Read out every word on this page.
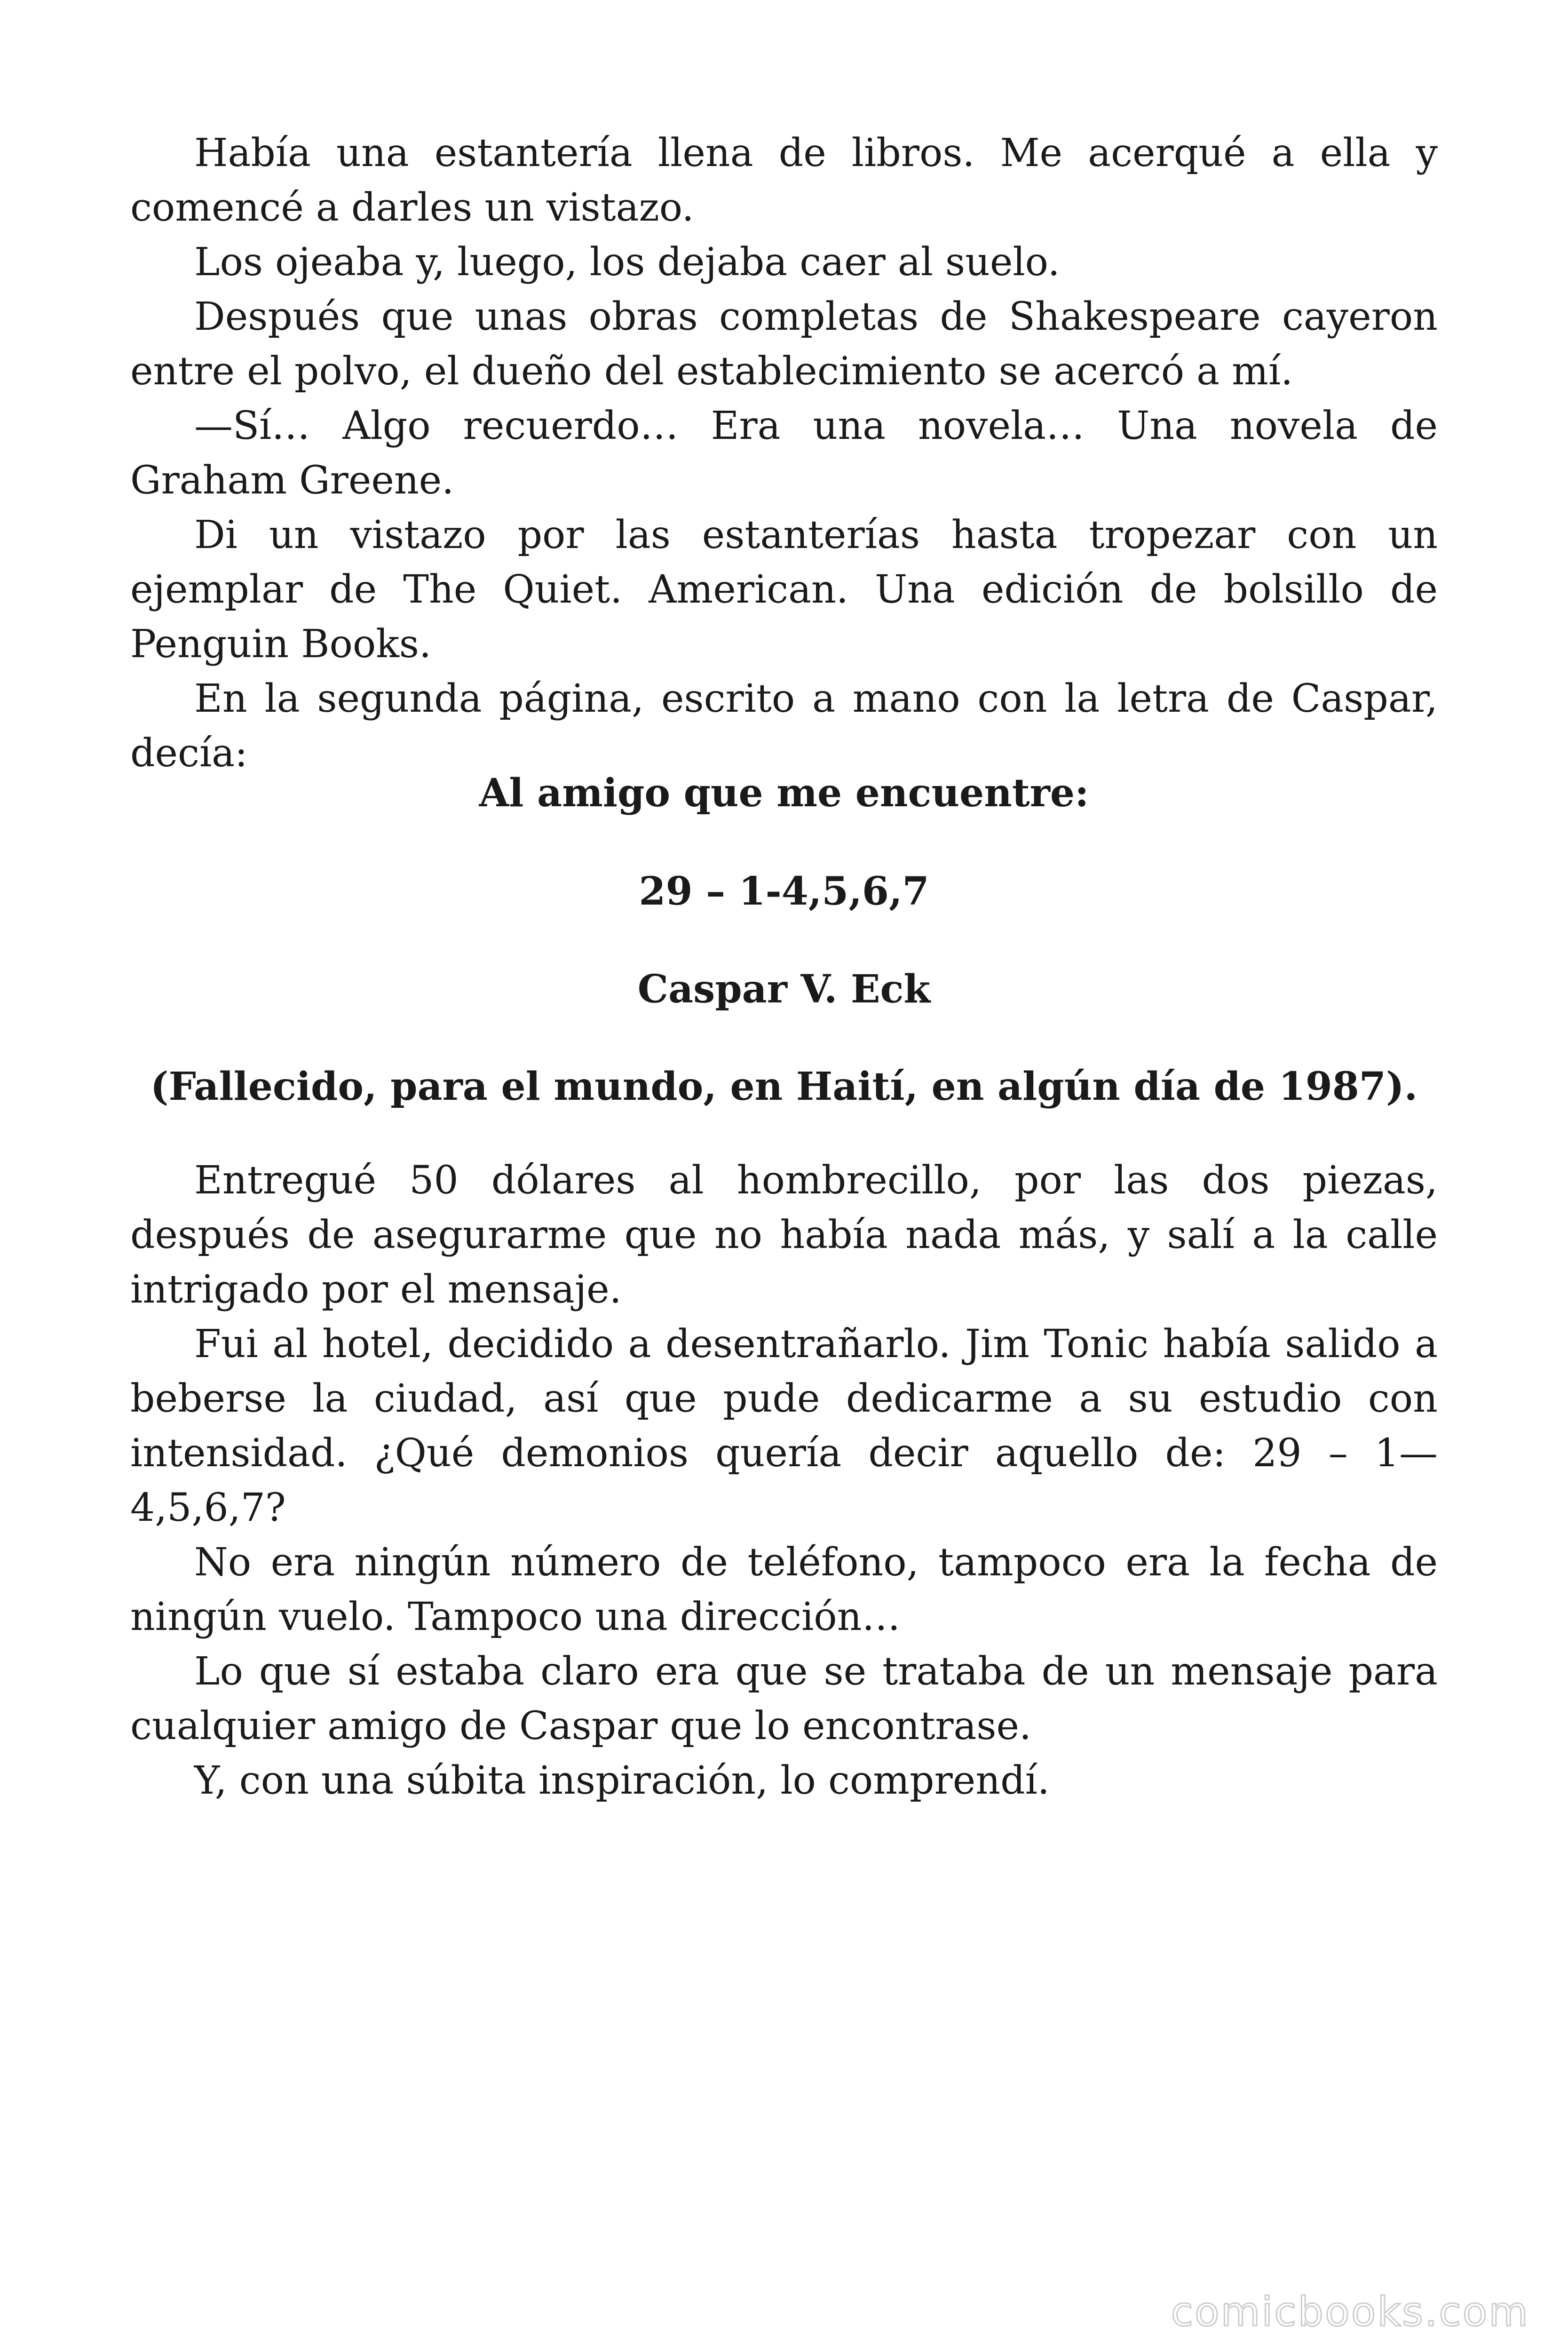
Había una estantería llena de libros. Me acerqué a ella y comencé a darles un vistazo.

Los ojeaba y, luego, los dejaba caer al suelo.

Después que unas obras completas de Shakespeare cayeron entre el polvo, el dueño del establecimiento se acercó a mí.

—Sí… Algo recuerdo… Era una novela… Una novela de Graham Greene.

Di un vistazo por las estanterías hasta tropezar con un ejemplar de The Quiet. American. Una edición de bolsillo de Penguin Books.

En la segunda página, escrito a mano con la letra de Caspar, decía:

Al amigo que me encuentre:

29 – 1-4,5,6,7

Caspar V. Eck

(Fallecido, para el mundo, en Haití, en algún día de 1987).

Entregué 50 dólares al hombrecillo, por las dos piezas, después de asegurarme que no había nada más, y salí a la calle intrigado por el mensaje.

Fui al hotel, decidido a desentrañarlo. Jim Tonic había salido a beberse la ciudad, así que pude dedicarme a su estudio con intensidad. ¿Qué demonios quería decir aquello de: 29 – 1—4,5,6,7?

No era ningún número de teléfono, tampoco era la fecha de ningún vuelo. Tampoco una dirección…

Lo que sí estaba claro era que se trataba de un mensaje para cualquier amigo de Caspar que lo encontrase.

Y, con una súbita inspiración, lo comprendí.

comicbooks.com
